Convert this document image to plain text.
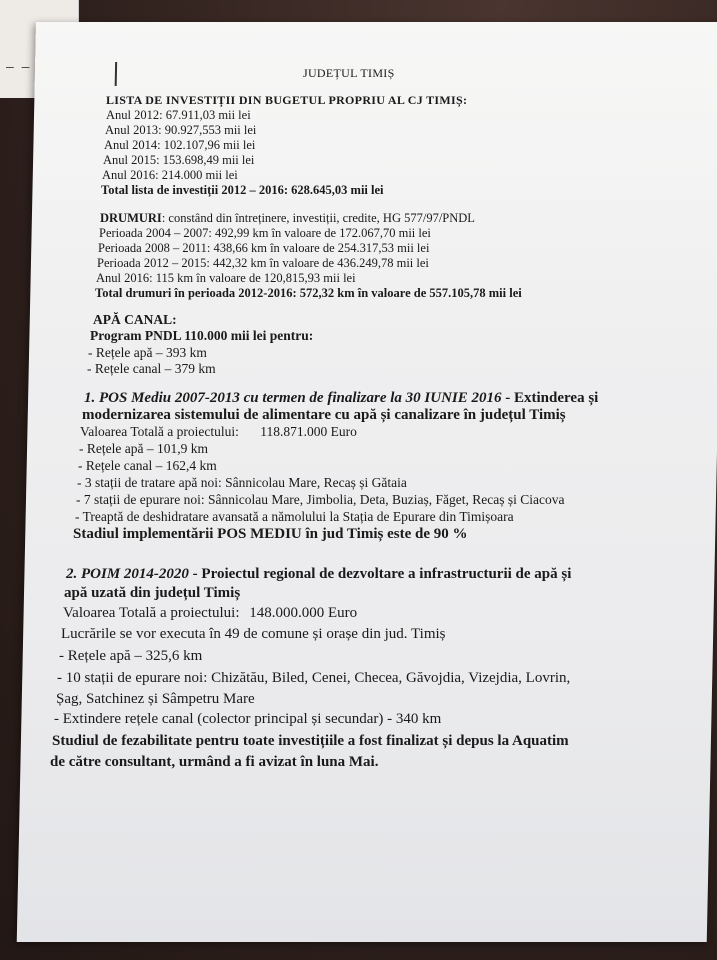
– –	JUDEȚUL TIMIȘ
LISTA DE INVESTIȚII DIN BUGETUL PROPRIU AL CJ TIMIȘ:
Anul 2012: 67.911,03 mii lei
Anul 2013: 90.927,553 mii lei
Anul 2014: 102.107,96 mii lei
Anul 2015: 153.698,49 mii lei
Anul 2016: 214.000 mii lei
Total lista de investiții 2012 – 2016: 628.645,03 mii lei
DRUMURI: constând din întreținere, investiții, credite, HG 577/97/PNDL
Perioada 2004 – 2007: 492,99 km în valoare de 172.067,70 mii lei
Perioada 2008 – 2011: 438,66 km în valoare de 254.317,53 mii lei
Perioada 2012 – 2015: 442,32 km în valoare de 436.249,78 mii lei
Anul 2016: 115 km în valoare de 120,815,93 mii lei
Total drumuri în perioada 2012-2016: 572,32 km în valoare de 557.105,78 mii lei
APĂ CANAL:
Program PNDL 110.000 mii lei pentru:
- Rețele apă – 393 km
- Rețele canal – 379 km
1. POS Mediu 2007-2013 cu termen de finalizare la 30 IUNIE 2016 - Extinderea și
modernizarea sistemului de alimentare cu apă și canalizare în județul Timiș
Valoarea Totală a proiectului: 118.871.000 Euro
- Rețele apă – 101,9 km
- Rețele canal – 162,4 km
- 3 stații de tratare apă noi: Sânnicolau Mare, Recaș și Gătaia
- 7 stații de epurare noi: Sânnicolau Mare, Jimbolia, Deta, Buziaș, Făget, Recaș și Ciacova
- Treaptă de deshidratare avansată a nămolului la Stația de Epurare din Timișoara
Stadiul implementării POS MEDIU în jud Timiș este de 90 %
2. POIM 2014-2020 - Proiectul regional de dezvoltare a infrastructurii de apă și
apă uzată din județul Timiș
Valoarea Totală a proiectului: 148.000.000 Euro
Lucrările se vor executa în 49 de comune și orașe din jud. Timiș
- Rețele apă – 325,6 km
- 10 stații de epurare noi: Chizătău, Biled, Cenei, Checea, Găvojdia, Vizejdia, Lovrin,
Șag, Satchinez și Sâmpetru Mare
- Extindere rețele canal (colector principal și secundar) - 340 km
Studiul de fezabilitate pentru toate investițiile a fost finalizat și depus la Aquatim
de către consultant, urmând a fi avizat în luna Mai.
